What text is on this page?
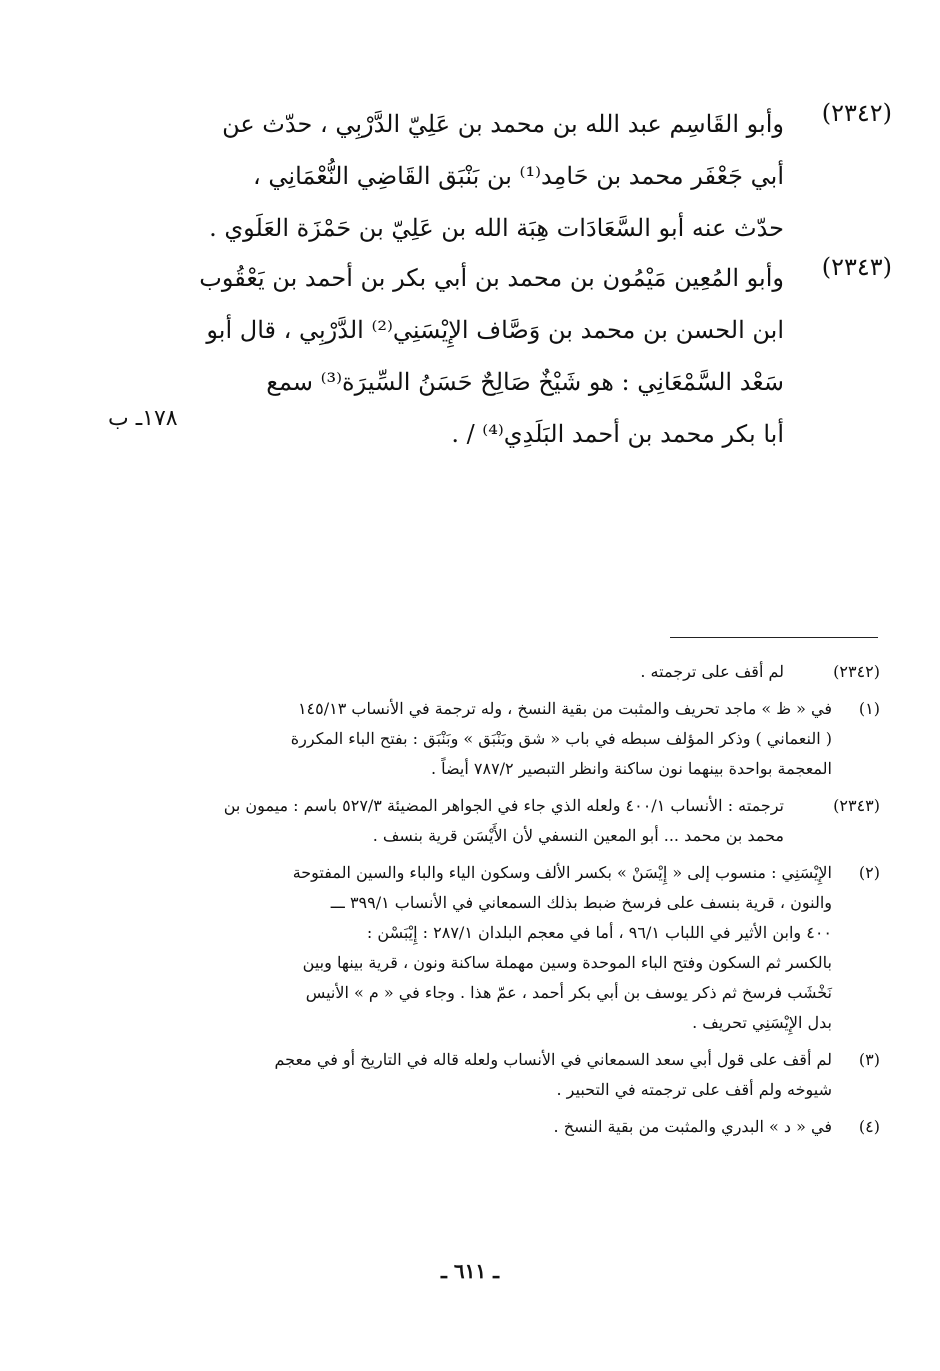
(٢٣٤٢)
وأبو القَاسِم عبد الله بن محمد بن عَلِيّ الدَّرْبِي ، حدّث عن
أبي جَعْفَر محمد بن حَامِد⁽¹⁾ بن بَنْبَق القَاضِي النُّعْمَانِي ،
حدّث عنه أبو السَّعَادَات هِبَة الله بن عَلِيّ بن حَمْزَة العَلَوي .
(٢٣٤٣)
وأبو المُعِين مَيْمُون بن محمد بن أبي بكر بن أحمد بن يَعْقُوب
ابن الحسن بن محمد بن وَصَّاف الإِيْسَنِي⁽²⁾ الدَّرْبِي ، قال أبو
سَعْد السَّمْعَانِي : هو شَيْخٌ صَالِحٌ حَسَنُ السِّيرَة⁽³⁾ سمع
أبا بكر محمد بن أحمد البَلَدِي⁽⁴⁾ / .
١٧٨ـ ب
(٢٣٤٢)
لم أقف على ترجمته .
(١)
في « ظ » ماجد تحريف والمثبت من بقية النسخ ، وله ترجمة في الأنساب ١٤٥/١٣
( النعماني ) وذكر المؤلف سبطه في باب « شق وبَنْبَق » وبَنْبَق : بفتح الباء المكررة
المعجمة بواحدة بينهما نون ساكنة وانظر التبصير ٧٨٧/٢ أيضاً .
(٢٣٤٣)
ترجمته : الأنساب ٤٠٠/١ ولعله الذي جاء في الجواهر المضيئة ٥٢٧/٣ باسم : ميمون بن
محمد بن محمد ... أبو المعين النسفي لأن الأَيْسَن قرية بنسف .
(٢)
الإِيْسَنِي : منسوب إلى « إِيْسَنْ » بكسر الألف وسكون الياء والباء والسين المفتوحة
والنون ، قرية بنسف على فرسخ ضبط بذلك السمعاني في الأنساب ٣٩٩/١ ـــ
٤٠٠ وابن الأثير في اللباب ٩٦/١ ، أما في معجم البلدان ٢٨٧/١ : إِيْبَسْن :
بالكسر ثم السكون وفتح الباء الموحدة وسين مهملة ساكنة ونون ، قرية بينها وبين
نَخْشَب فرسخ ثم ذكر يوسف بن أبي بكر أحمد ، عمّ هذا . وجاء في « م » الأنيس
بدل الإِيْسَنِي تحريف .
(٣)
لم أقف على قول أبي سعد السمعاني في الأنساب ولعله قاله في التاريخ أو في معجم
شيوخه ولم أقف على ترجمته في التحبير .
(٤)
في « د » البدري والمثبت من بقية النسخ .
ـ ٦١١ ـ
